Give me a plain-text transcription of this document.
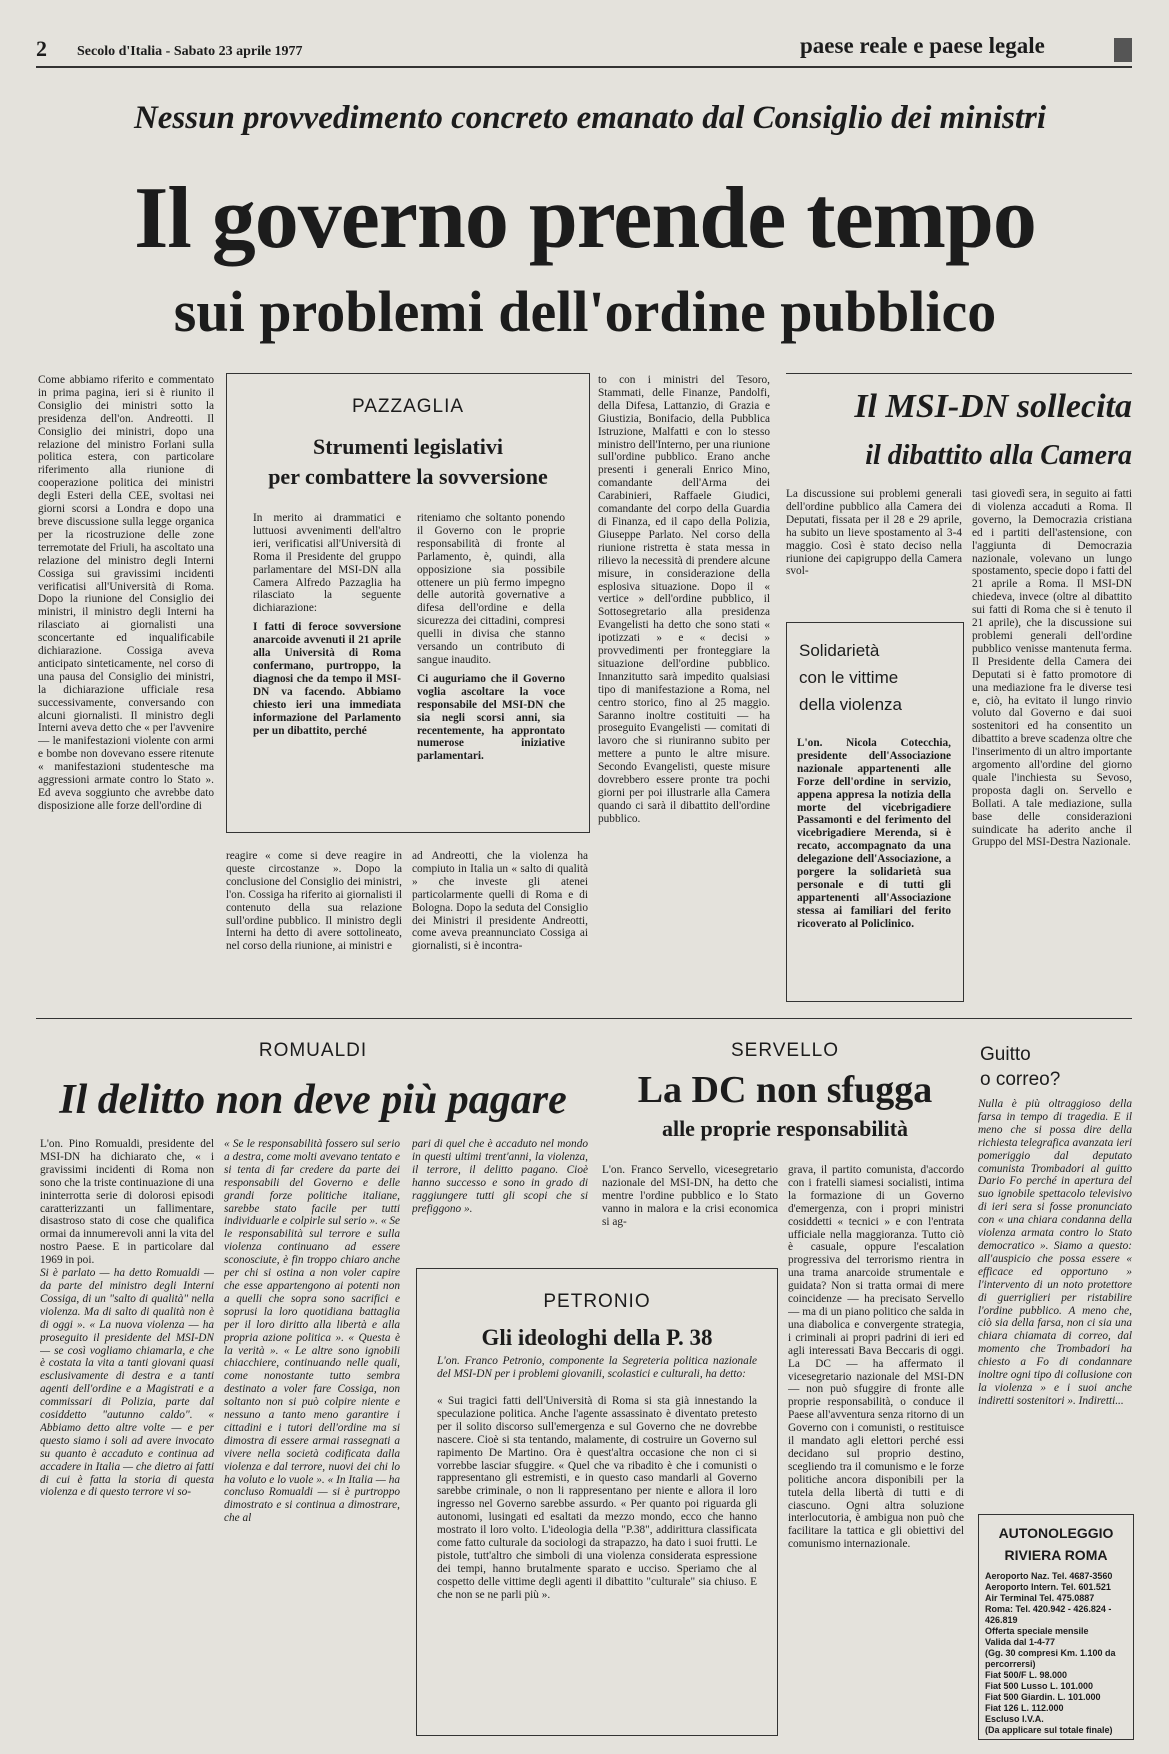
2 Secolo d'Italia - Sabato 23 aprile 1977	paese reale e paese legale
Nessun provvedimento concreto emanato dal Consiglio dei ministri
Il governo prende tempo
sui problemi dell'ordine pubblico
Come abbiamo riferito e commentato in prima pagina, ieri si è riunito il Consiglio dei ministri sotto la presidenza dell'on. Andreotti. Il Consiglio dei ministri, dopo una relazione del ministro Forlani sulla politica estera, con particolare riferimento alla riunione di cooperazione politica dei ministri degli Esteri della CEE, svoltasi nei giorni scorsi a Londra e dopo una breve discussione sulla legge organica per la ricostruzione delle zone terremotate del Friuli, ha ascoltato una relazione del ministro degli Interni Cossiga sui gravissimi incidenti verificatisi all'Università di Roma. Dopo la riunione del Consiglio dei ministri, il ministro degli Interni ha rilasciato ai giornalisti una sconcertante ed inqualificabile dichiarazione. Cossiga aveva anticipato sinteticamente, nel corso di una pausa del Consiglio dei ministri, la dichiarazione ufficiale resa successivamente, conversando con alcuni giornalisti. Il ministro degli Interni aveva detto che « per l'avvenire — le manifestazioni violente con armi e bombe non dovevano essere ritenute « manifestazioni studentesche ma aggressioni armate contro lo Stato ». Ed aveva soggiunto che avrebbe dato disposizione alle forze dell'ordine di
PAZZAGLIA
Strumenti legislativi
per combattere la sovversione
In merito ai drammatici e luttuosi avvenimenti dell'altro ieri, verificatisi all'Università di Roma il Presidente del gruppo parlamentare del MSI-DN alla Camera Alfredo Pazzaglia ha rilasciato la seguente dichiarazione:
I fatti di feroce sovversione anarcoide avvenuti il 21 aprile alla Università di Roma confermano, purtroppo, la diagnosi che da tempo il MSI-DN va facendo. Abbiamo chiesto ieri una immediata informazione del Parlamento per un dibattito, perché
riteniamo che soltanto ponendo il Governo con le proprie responsabilità di fronte al Parlamento, è, quindi, alla opposizione sia possibile ottenere un più fermo impegno delle autorità governative a difesa dell'ordine e della sicurezza dei cittadini, compresi quelli in divisa che stanno versando un contributo di sangue inaudito.
Ci auguriamo che il Governo voglia ascoltare la voce responsabile del MSI-DN che sia negli scorsi anni, sia recentemente, ha approntato numerose iniziative parlamentari.
reagire « come si deve reagire in queste circostanze ». Dopo la conclusione del Consiglio dei ministri, l'on. Cossiga ha riferito ai giornalisti il contenuto della sua relazione sull'ordine pubblico. Il ministro degli Interni ha detto di avere sottolineato, nel corso della riunione, ai ministri e
ad Andreotti, che la violenza ha compiuto in Italia un « salto di qualità » che investe gli atenei particolarmente quelli di Roma e di Bologna. Dopo la seduta del Consiglio dei Ministri il presidente Andreotti, come aveva preannunciato Cossiga ai giornalisti, si è incontra-
to con i ministri del Tesoro, Stammati, delle Finanze, Pandolfi, della Difesa, Lattanzio, di Grazia e Giustizia, Bonifacio, della Pubblica Istruzione, Malfatti e con lo stesso ministro dell'Interno, per una riunione sull'ordine pubblico. Erano anche presenti i generali Enrico Mino, comandante dell'Arma dei Carabinieri, Raffaele Giudici, comandante del corpo della Guardia di Finanza, ed il capo della Polizia, Giuseppe Parlato. Nel corso della riunione ristretta è stata messa in rilievo la necessità di prendere alcune misure, in considerazione della esplosiva situazione. Dopo il « vertice » dell'ordine pubblico, il Sottosegretario alla presidenza Evangelisti ha detto che sono stati « ipotizzati » e « decisi » provvedimenti per fronteggiare la situazione dell'ordine pubblico. Innanzitutto sarà impedito qualsiasi tipo di manifestazione a Roma, nel centro storico, fino al 25 maggio. Saranno inoltre costituiti — ha proseguito Evangelisti — comitati di lavoro che si riuniranno subito per mettere a punto le altre misure. Secondo Evangelisti, queste misure dovrebbero essere pronte tra pochi giorni per poi illustrarle alla Camera quando ci sarà il dibattito dell'ordine pubblico.
Il MSI-DN sollecita
il dibattito alla Camera
La discussione sui problemi generali dell'ordine pubblico alla Camera dei Deputati, fissata per il 28 e 29 aprile, ha subito un lieve spostamento al 3-4 maggio. Così è stato deciso nella riunione dei capigruppo della Camera svol-
tasi giovedì sera, in seguito ai fatti di violenza accaduti a Roma. Il governo, la Democrazia cristiana ed i partiti dell'astensione, con l'aggiunta di Democrazia nazionale, volevano un lungo spostamento, specie dopo i fatti del 21 aprile a Roma. Il MSI-DN chiedeva, invece (oltre al dibattito sui fatti di Roma che si è tenuto il 21 aprile), che la discussione sui problemi generali dell'ordine pubblico venisse mantenuta ferma. Il Presidente della Camera dei Deputati si è fatto promotore di una mediazione fra le diverse tesi e, ciò, ha evitato il lungo rinvio voluto dal Governo e dai suoi sostenitori ed ha consentito un dibattito a breve scadenza oltre che l'inserimento di un altro importante argomento all'ordine del giorno quale l'inchiesta su Sevoso, proposta dagli on. Servello e Bollati. A tale mediazione, sulla base delle considerazioni suindicate ha aderito anche il Gruppo del MSI-Destra Nazionale.
Solidarietà
con le vittime
della violenza
L'on. Nicola Cotecchia, presidente dell'Associazione nazionale appartenenti alle Forze dell'ordine in servizio, appena appresa la notizia della morte del vicebrigadiere Passamonti e del ferimento del vicebrigadiere Merenda, si è recato, accompagnato da una delegazione dell'Associazione, a porgere la solidarietà sua personale e di tutti gli appartenenti all'Associazione stessa ai familiari del ferito ricoverato al Policlinico.
ROMUALDI
Il delitto non deve più pagare
L'on. Pino Romualdi, presidente del MSI-DN ha dichiarato che, « i gravissimi incidenti di Roma non sono che la triste continuazione di una ininterrotta serie di dolorosi episodi caratterizzanti un fallimentare, disastroso stato di cose che qualifica ormai da innumerevoli anni la vita del nostro Paese. E in particolare dal 1969 in poi.
Si è parlato — ha detto Romualdi — da parte del ministro degli Interni Cossiga, di un "salto di qualità" nella violenza. Ma di salto di qualità non è di oggi ». « La nuova violenza — ha proseguito il presidente del MSI-DN — se così vogliamo chiamarla, e che è costata la vita a tanti giovani quasi esclusivamente di destra e a tanti agenti dell'ordine e a Magistrati e a commissari di Polizia, parte dal cosiddetto "autunno caldo". « Abbiamo detto altre volte — e per questo siamo i soli ad avere invocato su quanto è accaduto e continua ad accadere in Italia — che dietro ai fatti di cui è fatta la storia di questa violenza e di questo terrore vi so-
« Se le responsabilità fossero sul serio a destra, come molti avevano tentato e si tenta di far credere da parte dei responsabili del Governo e delle grandi forze politiche italiane, sarebbe stato facile per tutti individuarle e colpirle sul serio ». « Se le responsabilità sul terrore e sulla violenza continuano ad essere sconosciute, è fin troppo chiaro anche per chi si ostina a non voler capire che esse appartengono ai potenti non a quelli che sopra sono sacrifici e soprusi la loro quotidiana battaglia per il loro diritto alla libertà e alla propria azione politica ». « Questa è la verità ». « Le altre sono ignobili chiacchiere, continuando nelle quali, come nonostante tutto sembra destinato a voler fare Cossiga, non soltanto non si può colpire niente e nessuno a tanto meno garantire i cittadini e i tutori dell'ordine ma si dimostra di essere armai rassegnati a vivere nella società codificata dalla violenza e dal terrore, nuovi dei chi lo ha voluto e lo vuole ». « In Italia — ha concluso Romualdi — si è purtroppo dimostrato e si continua a dimostrare, che al
pari di quel che è accaduto nel mondo in questi ultimi trent'anni, la violenza, il terrore, il delitto pagano. Cioè hanno successo e sono in grado di raggiungere tutti gli scopi che si prefiggono ».
SERVELLO
La DC non sfugga
alle proprie responsabilità
L'on. Franco Servello, vicesegretario nazionale del MSI-DN, ha detto che mentre l'ordine pubblico e lo Stato vanno in malora e la crisi economica si ag-
grava, il partito comunista, d'accordo con i fratelli siamesi socialisti, intima la formazione di un Governo d'emergenza, con i propri ministri cosiddetti « tecnici » e con l'entrata ufficiale nella maggioranza. Tutto ciò è casuale, oppure l'escalation progressiva del terrorismo rientra in una trama anarcoide strumentale e guidata? Non si tratta ormai di mere coincidenze — ha precisato Servello — ma di un piano politico che salda in una diabolica e convergente strategia, i criminali ai propri padrini di ieri ed agli interessati Bava Beccaris di oggi. La DC — ha affermato il vicesegretario nazionale del MSI-DN — non può sfuggire di fronte alle proprie responsabilità, o conduce il Paese all'avventura senza ritorno di un Governo con i comunisti, o restituisce il mandato agli elettori perché essi decidano sul proprio destino, scegliendo tra il comunismo e le forze politiche ancora disponibili per la tutela della libertà di tutti e di ciascuno. Ogni altra soluzione interlocutoria, è ambigua non può che facilitare la tattica e gli obiettivi del comunismo internazionale.
PETRONIO
Gli ideologhi della P. 38
L'on. Franco Petronio, componente la Segreteria politica nazionale del MSI-DN per i problemi giovanili, scolastici e culturali, ha detto:
« Sui tragici fatti dell'Università di Roma si sta già innestando la speculazione politica. Anche l'agente assassinato è diventato pretesto per il solito discorso sull'emergenza e sul Governo che ne dovrebbe nascere. Cioè si sta tentando, malamente, di costruire un Governo sul rapimento De Martino. Ora è quest'altra occasione che non ci si vorrebbe lasciar sfuggire. « Quel che va ribadito è che i comunisti o rappresentano gli estremisti, e in questo caso mandarli al Governo sarebbe criminale, o non li rappresentano per niente e allora il loro ingresso nel Governo sarebbe assurdo. « Per quanto poi riguarda gli autonomi, lusingati ed esaltati da mezzo mondo, ecco che hanno mostrato il loro volto. L'ideologia della "P.38", addirittura classificata come fatto culturale da sociologi da strapazzo, ha dato i suoi frutti. Le pistole, tutt'altro che simboli di una violenza considerata espressione dei tempi, hanno brutalmente sparato e ucciso. Speriamo che al cospetto delle vittime degli agenti il dibattito "culturale" sia chiuso. E che non se ne parli più ».
Guitto
o correo?
Nulla è più oltraggioso della farsa in tempo di tragedia. E il meno che si possa dire della richiesta telegrafica avanzata ieri pomeriggio dal deputato comunista Trombadori al guitto Dario Fo perché in apertura del suo ignobile spettacolo televisivo di ieri sera si fosse pronunciato con « una chiara condanna della violenza armata contro lo Stato democratico ». Siamo a questo: all'auspicio che possa essere « efficace ed opportuno » l'intervento di un noto protettore di guerriglieri per ristabilire l'ordine pubblico. A meno che, ciò sia della farsa, non ci sia una chiara chiamata di correo, dal momento che Trombadori ha chiesto a Fo di condannare inoltre ogni tipo di collusione con la violenza » e i suoi anche indiretti sostenitori ». Indiretti...
AUTONOLEGGIO
RIVIERA ROMA
Aeroporto Naz. Tel. 4687-3560
Aeroporto Intern. Tel. 601.521
Air Terminal Tel. 475.0887
Roma: Tel. 420.942 - 426.824 - 426.819
Offerta speciale mensile
Valida dal 1-4-77
(Gg. 30 compresi Km. 1.100 da percorrersi)
Fiat 500/F L. 98.000
Fiat 500 Lusso L. 101.000
Fiat 500 Giardin. L. 101.000
Fiat 126 L. 112.000
Escluso I.V.A.
(Da applicare sul totale finale)
